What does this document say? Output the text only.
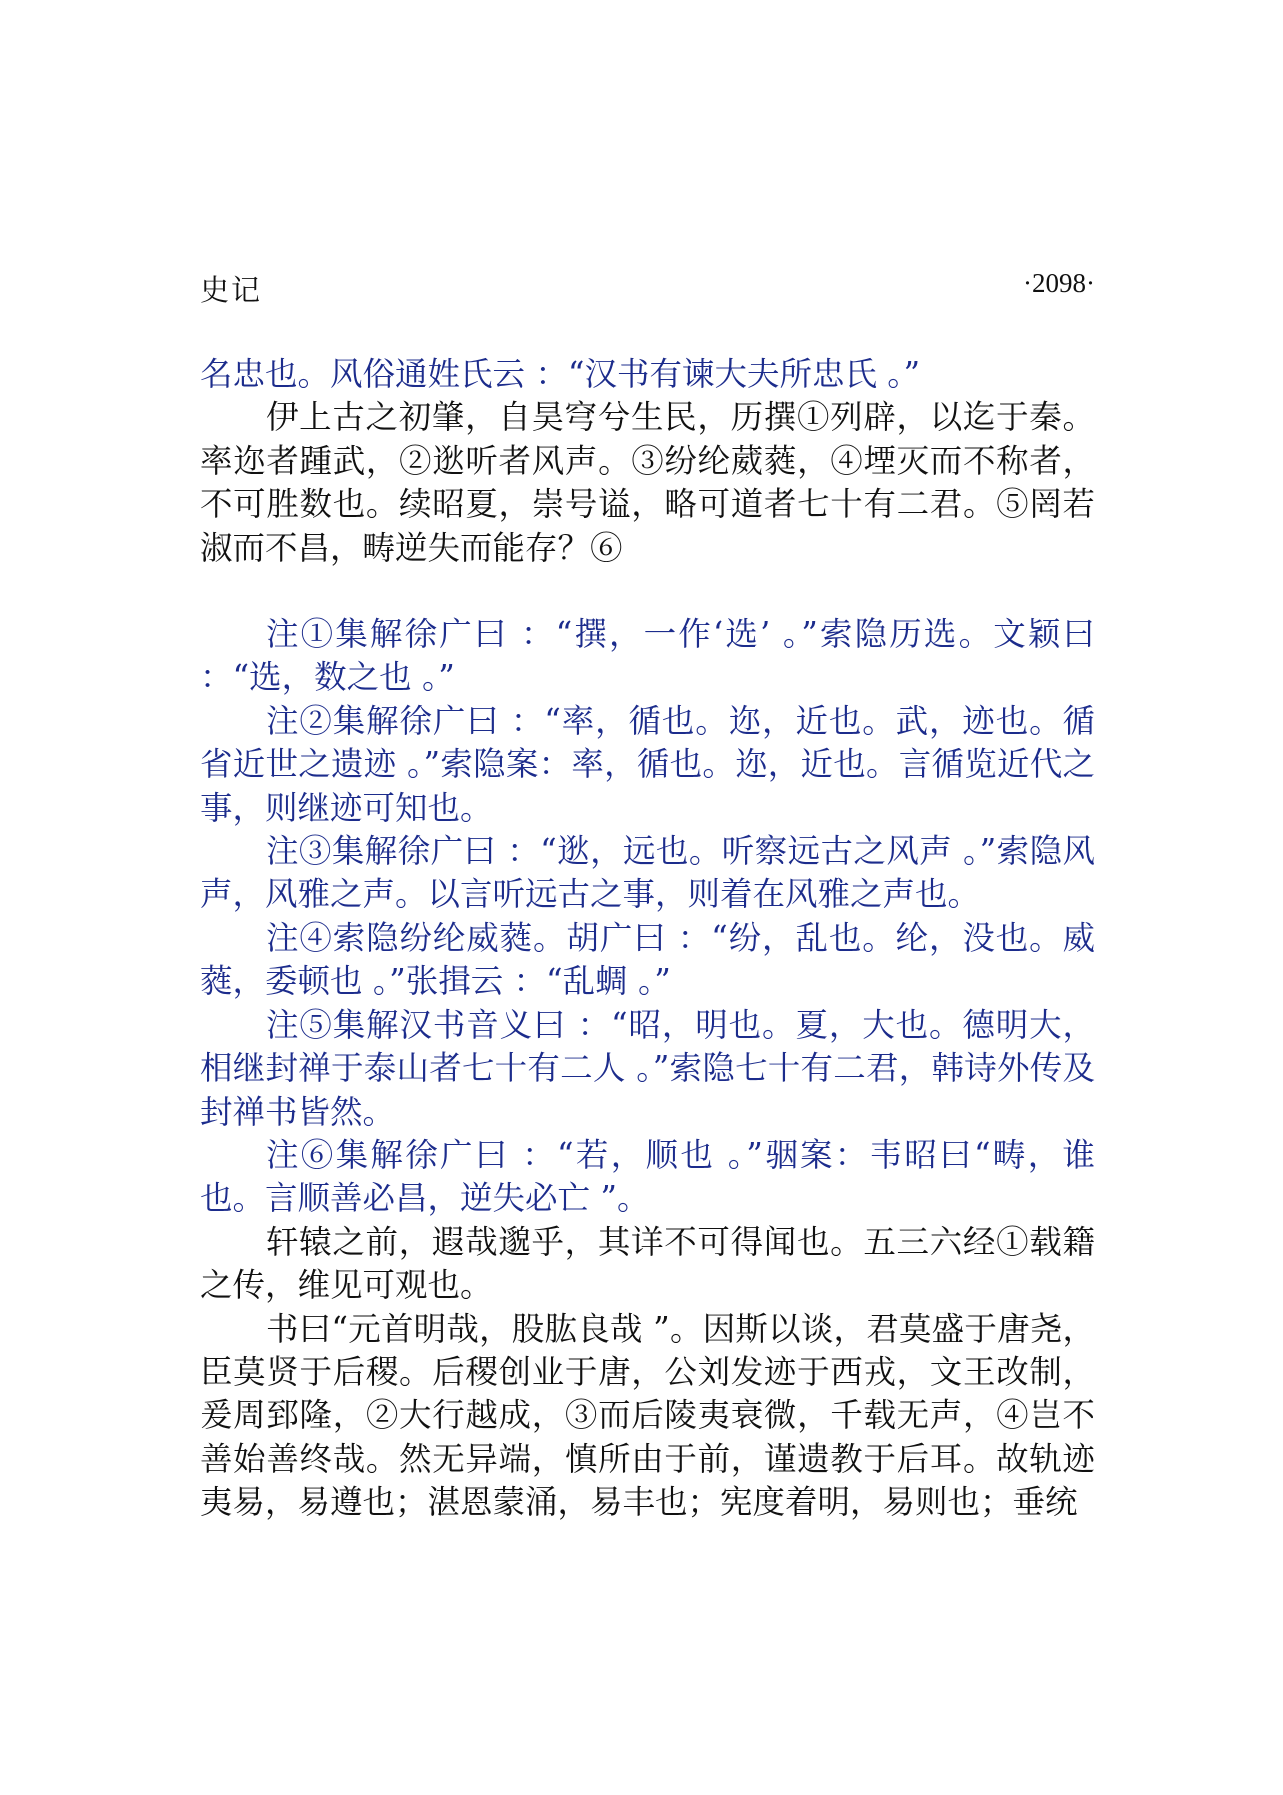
史记	·2098·

名忠也。风俗通姓氏云 ：“汉书有谏大夫所忠氏 。”

伊上古之初肇，自昊穹兮生民，历撰①列辟，以迄于秦。率迩者踵武，②逖听者风声。③纷纶葳蕤，④堙灭而不称者，不可胜数也。续昭夏，崇号谥，略可道者七十有二君。⑤罔若淑而不昌，畴逆失而能存？⑥

注①集解徐广曰 ：“撰，一作‘选’ 。”索隐历选。文颖曰 ：“选，数之也 。”

注②集解徐广曰 ：“率，循也。迩，近也。武，迹也。循省近世之遗迹 。”索隐案：率，循也。迩，近也。言循览近代之事，则继迹可知也。

注③集解徐广曰 ：“逖，远也。听察远古之风声 。”索隐风声，风雅之声。以言听远古之事，则着在风雅之声也。

注④索隐纷纶威蕤。胡广曰 ：“纷，乱也。纶，没也。威蕤，委顿也 。”张揖云 ：“乱蜩 。”

注⑤集解汉书音义曰 ：“昭，明也。夏，大也。德明大，相继封禅于泰山者七十有二人 。”索隐七十有二君，韩诗外传及封禅书皆然。

注⑥集解徐广曰 ：“若，顺也 。”骃案：韦昭曰“畴，谁也。言顺善必昌，逆失必亡 ”。

轩辕之前，遐哉邈乎，其详不可得闻也。五三六经①载籍之传，维见可观也。

书曰“元首明哉，股肱良哉 ”。因斯以谈，君莫盛于唐尧，臣莫贤于后稷。后稷创业于唐，公刘发迹于西戎，文王改制，爰周郅隆，②大行越成，③而后陵夷衰微，千载无声，④岂不善始善终哉。然无异端，慎所由于前，谨遗教于后耳。故轨迹夷易，易遵也；湛恩蒙涌，易丰也；宪度着明，易则也；垂统
